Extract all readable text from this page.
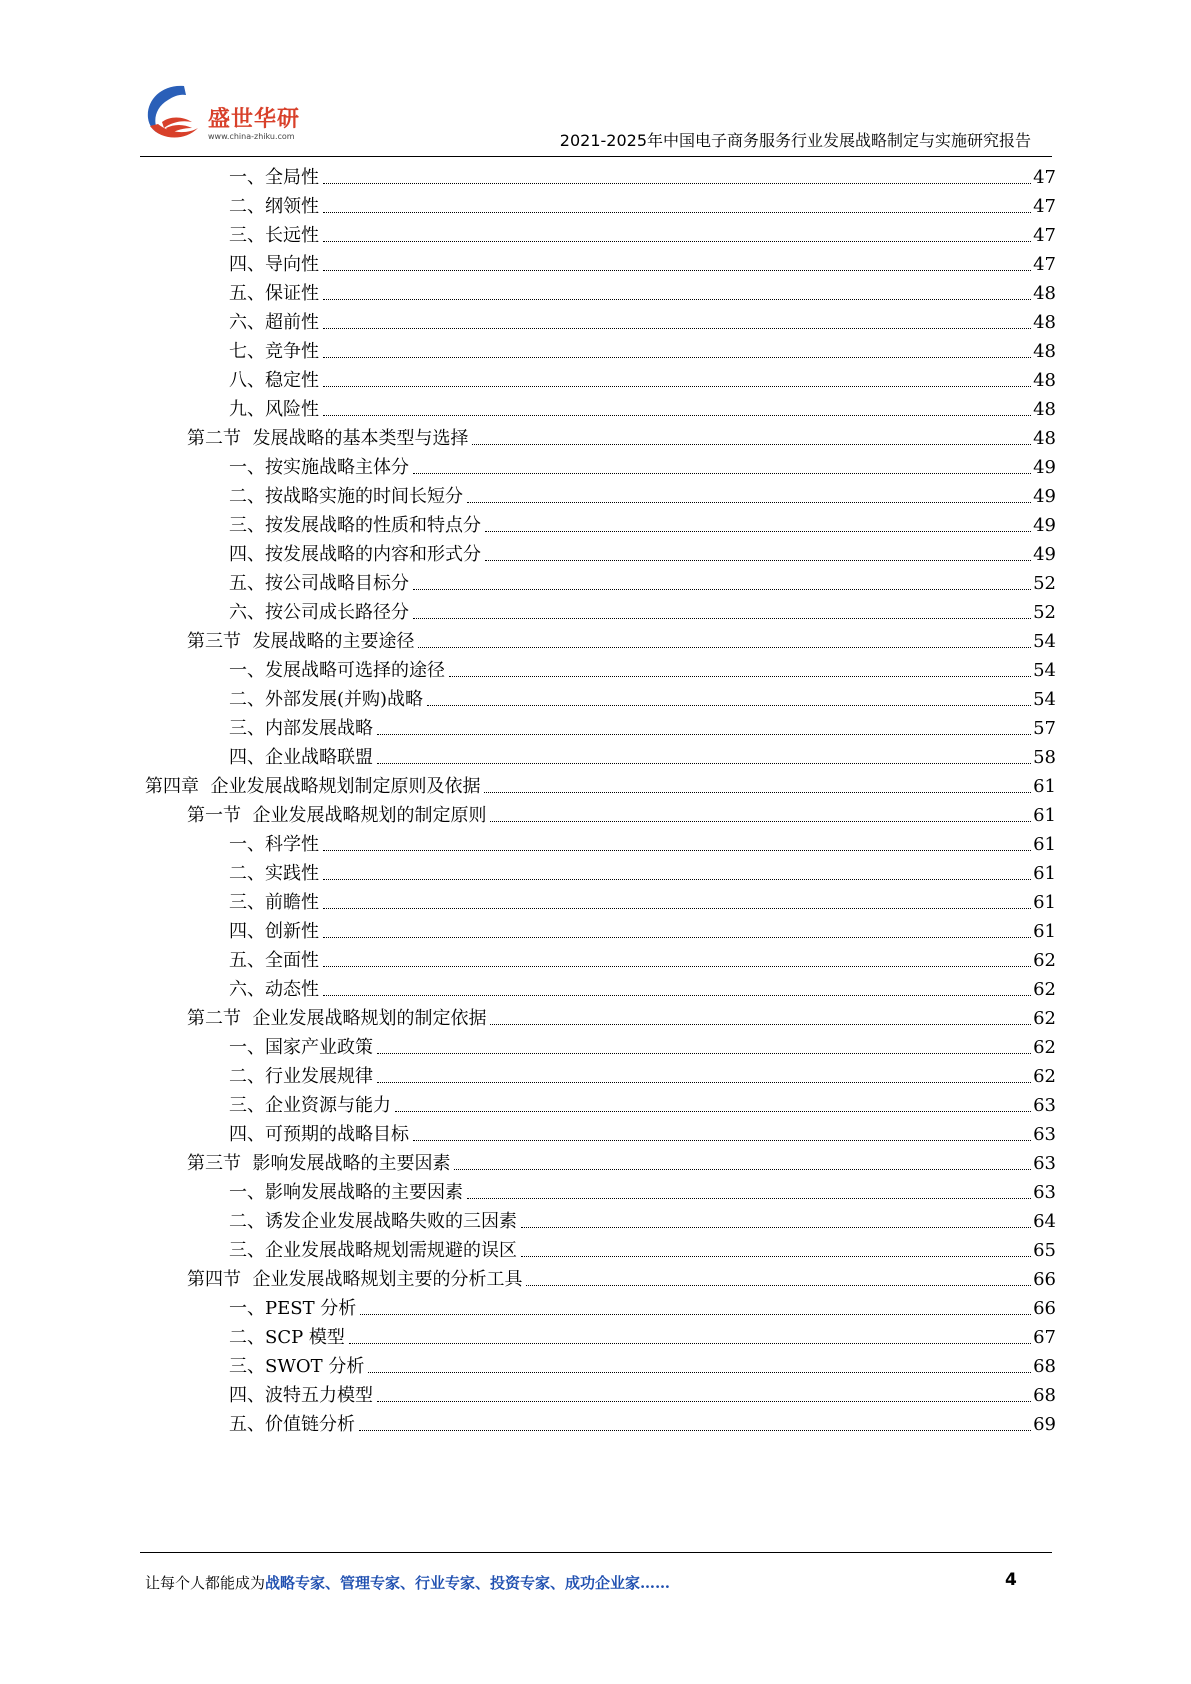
盛世华研
www.china-zhiku.com	2021-2025年中国电子商务服务行业发展战略制定与实施研究报告
一、全局性	47
二、纲领性	47
三、长远性	47
四、导向性	47
五、保证性	48
六、超前性	48
七、竞争性	48
八、稳定性	48
九、风险性	48
第二节  发展战略的基本类型与选择	48
一、按实施战略主体分	49
二、按战略实施的时间长短分	49
三、按发展战略的性质和特点分	49
四、按发展战略的内容和形式分	49
五、按公司战略目标分	52
六、按公司成长路径分	52
第三节  发展战略的主要途径	54
一、发展战略可选择的途径	54
二、外部发展(并购)战略	54
三、内部发展战略	57
四、企业战略联盟	58
第四章  企业发展战略规划制定原则及依据	61
第一节  企业发展战略规划的制定原则	61
一、科学性	61
二、实践性	61
三、前瞻性	61
四、创新性	61
五、全面性	62
六、动态性	62
第二节  企业发展战略规划的制定依据	62
一、国家产业政策	62
二、行业发展规律	62
三、企业资源与能力	63
四、可预期的战略目标	63
第三节  影响发展战略的主要因素	63
一、影响发展战略的主要因素	63
二、诱发企业发展战略失败的三因素	64
三、企业发展战略规划需规避的误区	65
第四节  企业发展战略规划主要的分析工具	66
一、PEST 分析	66
二、SCP 模型	67
三、SWOT 分析	68
四、波特五力模型	68
五、价值链分析	69
让每个人都能成为战略专家、管理专家、行业专家、投资专家、成功企业家……	4
